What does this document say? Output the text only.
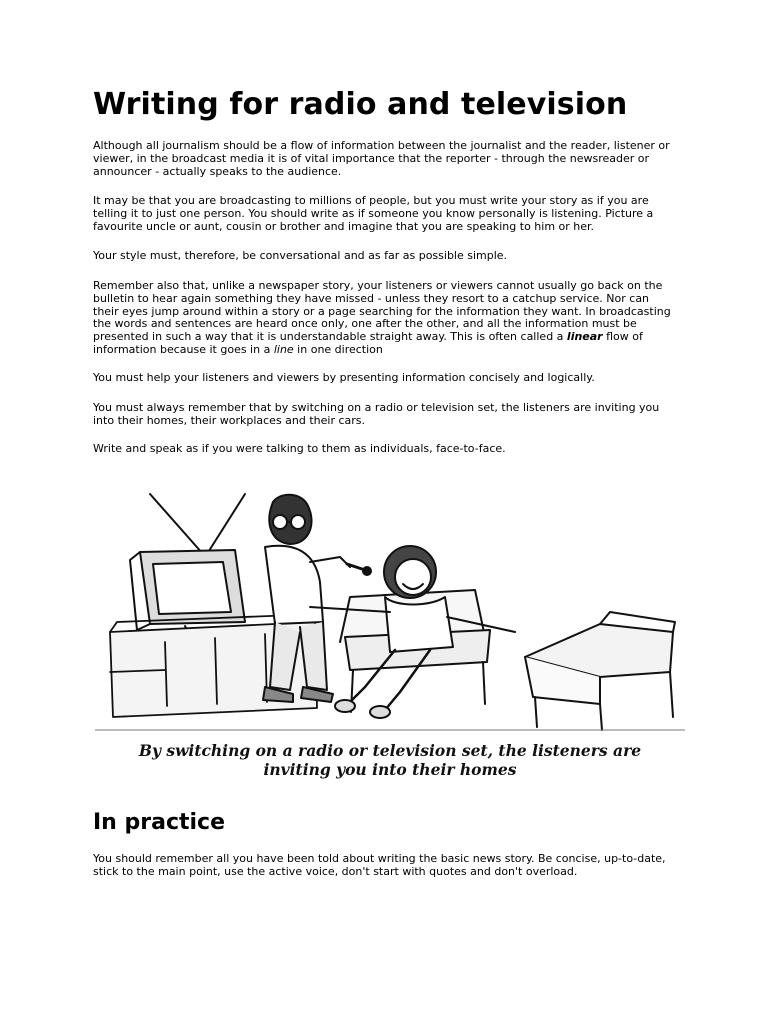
Writing for radio and television

Although all journalism should be a flow of information between the journalist and the reader, listener or viewer, in the broadcast media it is of vital importance that the reporter - through the newsreader or announcer - actually speaks to the audience.

It may be that you are broadcasting to millions of people, but you must write your story as if you are telling it to just one person. You should write as if someone you know personally is listening. Picture a favourite uncle or aunt, cousin or brother and imagine that you are speaking to him or her.

Your style must, therefore, be conversational and as far as possible simple.

Remember also that, unlike a newspaper story, your listeners or viewers cannot usually go back on the bulletin to hear again something they have missed - unless they resort to a catchup service. Nor can their eyes jump around within a story or a page searching for the information they want. In broadcasting the words and sentences are heard once only, one after the other, and all the information must be presented in such a way that it is understandable straight away. This is often called a linear flow of information because it goes in a line in one direction

You must help your listeners and viewers by presenting information concisely and logically.

You must always remember that by switching on a radio or television set, the listeners are inviting you into their homes, their workplaces and their cars.

Write and speak as if you were talking to them as individuals, face-to-face.

In practice

You should remember all you have been told about writing the basic news story. Be concise, up-to-date, stick to the main point, use the active voice, don't start with quotes and don't overload.

By switching on a radio or television set, the listeners are
inviting you into their homes
